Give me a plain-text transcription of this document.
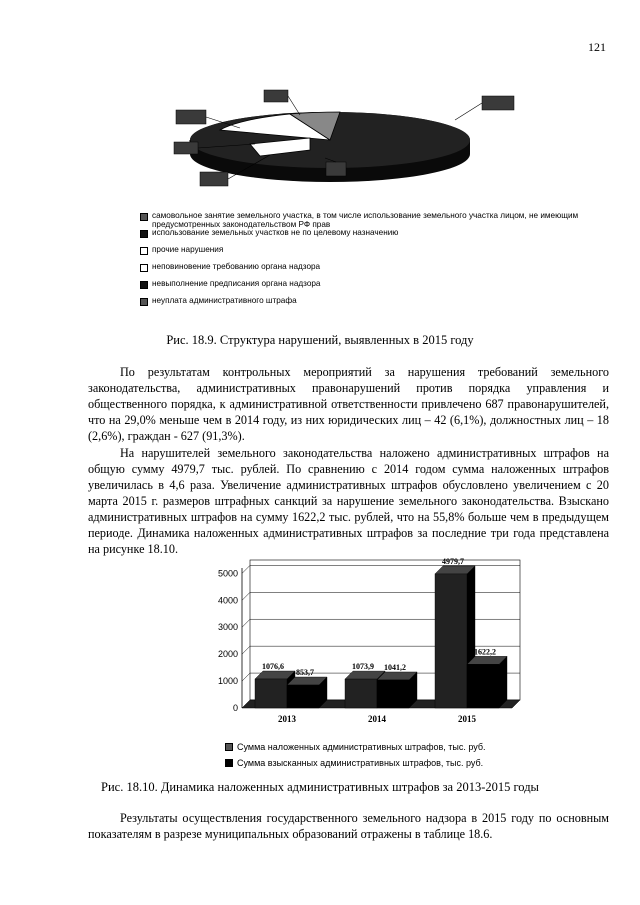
121
самовольное занятие земельного участка, в том числе использование земельного участка лицом, не имеющим предусмотренных законодательством РФ прав
использование земельных участков не по целевому назначению
прочие нарушения
неповиновение требованию органа надзора
невыполнение предписания органа надзора
неуплата административного штрафа
Рис. 18.9. Структура нарушений, выявленных в 2015 году

По результатам контрольных мероприятий за нарушения требований земельного законодательства, административных правонарушений против порядка управления и общественного порядка, к административной ответственности привлечено 687 правонарушителей, что на 29,0% меньше чем в 2014 году, из них юридических лиц – 42 (6,1%), должностных лиц – 18 (2,6%), граждан - 627 (91,3%).

На нарушителей земельного законодательства наложено административных штрафов на общую сумму 4979,7 тыс. рублей. По сравнению с 2014 годом сумма наложенных штрафов увеличилась в 4,6 раза. Увеличение административных штрафов обусловлено увеличением с 20 марта 2015 г. размеров штрафных санкций за нарушение земельного законодательства. Взыскано административных штрафов на сумму 1622,2 тыс. рублей, что на 55,8% больше чем в предыдущем периоде. Динамика наложенных административных штрафов за последние три года представлена на рисунке 18.10.

0
1000
2000
3000
4000
5000
1076,6
853,7
2013
1073,9 1041,2
2014
4979,7
1622,2
2015
Сумма наложенных административных штрафов, тыс. руб.
Сумма взысканных административных штрафов, тыс. руб.
Рис. 18.10. Динамика наложенных административных штрафов за 2013-2015 годы

Результаты осуществления государственного земельного надзора в 2015 году по основным показателям в разрезе муниципальных образований отражены в таблице 18.6.
